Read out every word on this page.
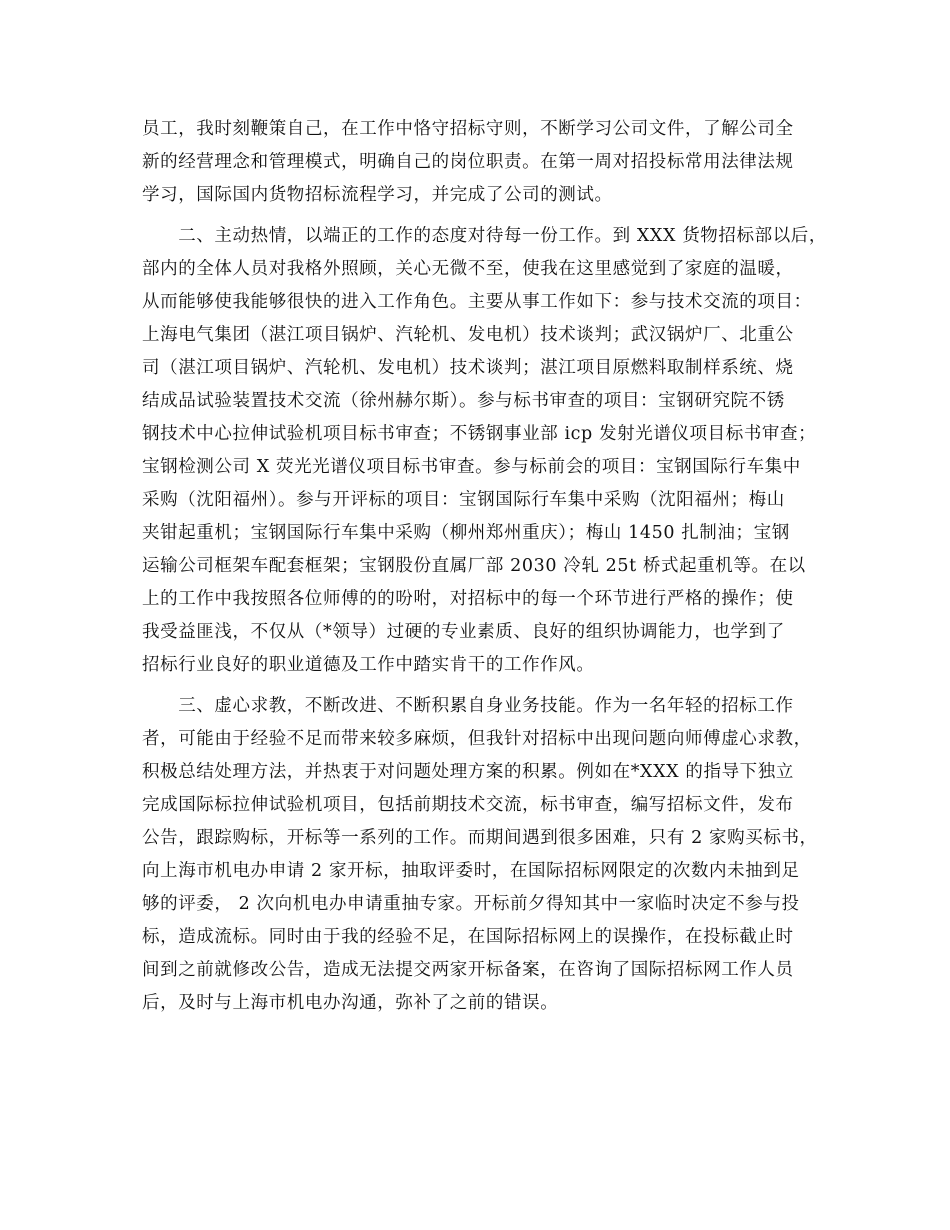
员工，我时刻鞭策自己，在工作中恪守招标守则，不断学习公司文件，了解公司全
新的经营理念和管理模式，明确自己的岗位职责。在第一周对招投标常用法律法规
学习，国际国内货物招标流程学习，并完成了公司的测试。
　　二、主动热情，以端正的工作的态度对待每一份工作。到 XXX 货物招标部以后，
部内的全体人员对我格外照顾，关心无微不至，使我在这里感觉到了家庭的温暖，
从而能够使我能够很快的进入工作角色。主要从事工作如下：参与技术交流的项目：
上海电气集团（湛江项目锅炉、汽轮机、发电机）技术谈判；武汉锅炉厂、北重公
司（湛江项目锅炉、汽轮机、发电机）技术谈判；湛江项目原燃料取制样系统、烧
结成品试验装置技术交流（徐州赫尔斯）。参与标书审查的项目：宝钢研究院不锈
钢技术中心拉伸试验机项目标书审查；不锈钢事业部 icp 发射光谱仪项目标书审查；
宝钢检测公司 X 荧光光谱仪项目标书审查。参与标前会的项目：宝钢国际行车集中
采购（沈阳福州）。参与开评标的项目：宝钢国际行车集中采购（沈阳福州；梅山
夹钳起重机；宝钢国际行车集中采购（柳州郑州重庆）；梅山 1450 扎制油；宝钢
运输公司框架车配套框架；宝钢股份直属厂部 2030 冷轧 25t 桥式起重机等。在以
上的工作中我按照各位师傅的的吩咐，对招标中的每一个环节进行严格的操作；使
我受益匪浅，不仅从（*领导）过硬的专业素质、良好的组织协调能力，也学到了
招标行业良好的职业道德及工作中踏实肯干的工作作风。
　　三、虚心求教，不断改进、不断积累自身业务技能。作为一名年轻的招标工作
者，可能由于经验不足而带来较多麻烦，但我针对招标中出现问题向师傅虚心求教，
积极总结处理方法，并热衷于对问题处理方案的积累。例如在*XXX 的指导下独立
完成国际标拉伸试验机项目，包括前期技术交流，标书审查，编写招标文件，发布
公告，跟踪购标，开标等一系列的工作。而期间遇到很多困难，只有 2 家购买标书，
向上海市机电办申请 2 家开标，抽取评委时，在国际招标网限定的次数内未抽到足
够的评委， 2 次向机电办申请重抽专家。开标前夕得知其中一家临时决定不参与投
标，造成流标。同时由于我的经验不足，在国际招标网上的误操作，在投标截止时
间到之前就修改公告，造成无法提交两家开标备案，在咨询了国际招标网工作人员
后，及时与上海市机电办沟通，弥补了之前的错误。
